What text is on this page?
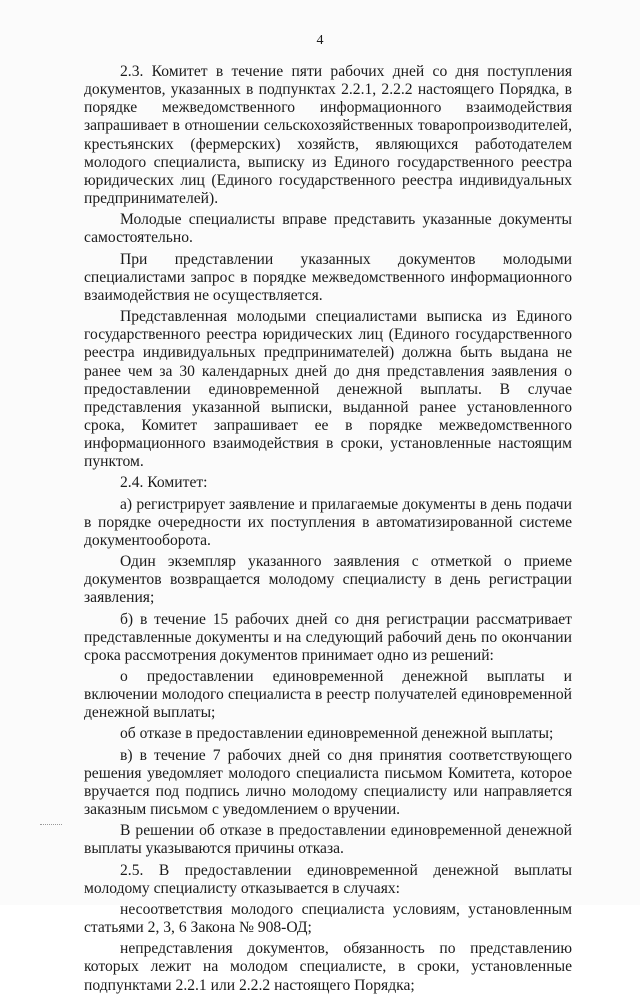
4

2.3. Комитет в течение пяти рабочих дней со дня поступления документов, указанных в подпунктах 2.2.1, 2.2.2 настоящего Порядка, в порядке межведомственного информационного взаимодействия запрашивает в отношении сельскохозяйственных товаропроизводителей, крестьянских (фермерских) хозяйств, являющихся работодателем молодого специалиста, выписку из Единого государственного реестра юридических лиц (Единого государственного реестра индивидуальных предпринимателей).

Молодые специалисты вправе представить указанные документы самостоятельно.

При представлении указанных документов молодыми специалистами запрос в порядке межведомственного информационного взаимодействия не осуществляется.

Представленная молодыми специалистами выписка из Единого государственного реестра юридических лиц (Единого государственного реестра индивидуальных предпринимателей) должна быть выдана не ранее чем за 30 календарных дней до дня представления заявления о предоставлении единовременной денежной выплаты. В случае представления указанной выписки, выданной ранее установленного срока, Комитет запрашивает ее в порядке межведомственного информационного взаимодействия в сроки, установленные настоящим пунктом.

2.4. Комитет:

а) регистрирует заявление и прилагаемые документы в день подачи в порядке очередности их поступления в автоматизированной системе документооборота.

Один экземпляр указанного заявления с отметкой о приеме документов возвращается молодому специалисту в день регистрации заявления;

б) в течение 15 рабочих дней со дня регистрации рассматривает представленные документы и на следующий рабочий день по окончании срока рассмотрения документов принимает одно из решений:

о предоставлении единовременной денежной выплаты и включении молодого специалиста в реестр получателей единовременной денежной выплаты;

об отказе в предоставлении единовременной денежной выплаты;

в) в течение 7 рабочих дней со дня принятия соответствующего решения уведомляет молодого специалиста письмом Комитета, которое вручается под подпись лично молодому специалисту или направляется заказным письмом с уведомлением о вручении.

В решении об отказе в предоставлении единовременной денежной выплаты указываются причины отказа.

2.5. В предоставлении единовременной денежной выплаты молодому специалисту отказывается в случаях:

несоответствия молодого специалиста условиям, установленным статьями 2, 3, 6 Закона № 908-ОД;

непредставления документов, обязанность по представлению которых лежит на молодом специалисте, в сроки, установленные подпунктами 2.2.1 или 2.2.2 настоящего Порядка;
